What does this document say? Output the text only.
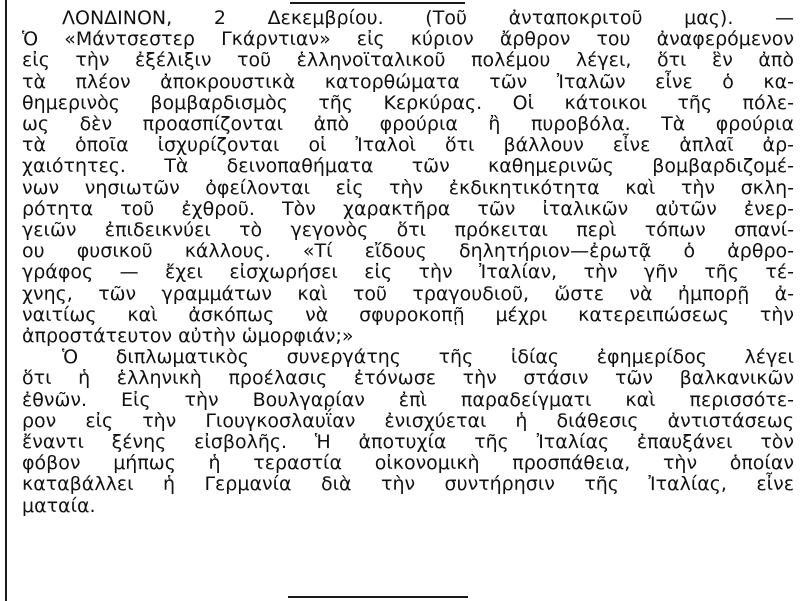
ΛΟΝΔΙΝΟΝ, 2 Δεκεμβρίου. (Τοῦ ἀνταποκριτοῦ μας). —
Ὁ «Μάντσεστερ Γκάρντιαν» εἰς κύριον ἄρθρον του ἀναφερόμενον
εἰς τὴν ἐξέλιξιν τοῦ ἑλληνοϊταλικοῦ πολέμου λέγει, ὅτι ἓν ἀπὸ
τὰ πλέον ἀποκρουστικὰ κατορθώματα τῶν Ἰταλῶν εἶνε ὁ κα-
θημερινὸς βομβαρδισμὸς τῆς Κερκύρας. Οἱ κάτοικοι τῆς πόλε-
ως δὲν προασπίζονται ἀπὸ φρούρια ἢ πυροβόλα. Τὰ φρούρια
τὰ ὁποῖα ἰσχυρίζονται οἱ Ἰταλοὶ ὅτι βάλλουν εἶνε ἁπλαῖ ἀρ-
χαιότητες. Τὰ δεινοπαθήματα τῶν καθημερινῶς βομβαρδιζομέ-
νων νησιωτῶν ὀφείλονται εἰς τὴν ἐκδικητικότητα καὶ τὴν σκλη-
ρότητα τοῦ ἐχθροῦ. Τὸν χαρακτῆρα τῶν ἰταλικῶν αὐτῶν ἐνερ-
γειῶν ἐπιδεικνύει τὸ γεγονὸς ὅτι πρόκειται περὶ τόπων σπανί-
ου φυσικοῦ κάλλους. «Τί εἴδους δηλητήριον—ἐρωτᾷ ὁ ἀρθρο-
γράφος — ἔχει εἰσχωρήσει εἰς τὴν Ἰταλίαν, τὴν γῆν τῆς τέ-
χνης, τῶν γραμμάτων καὶ τοῦ τραγουδιοῦ, ὥστε νὰ ἠμπορῇ ἀ-
ναιτίως καὶ ἀσκόπως νὰ σφυροκοπῇ μέχρι κατερειπώσεως τὴν
ἀπροστάτευτον αὐτὴν ὡμορφιάν;»
Ὁ διπλωματικὸς συνεργάτης τῆς ἰδίας ἐφημερίδος λέγει
ὅτι ἡ ἑλληνικὴ προέλασις ἐτόνωσε τὴν στάσιν τῶν βαλκανικῶν
ἐθνῶν. Εἰς τὴν Βουλγαρίαν ἐπὶ παραδείγματι καὶ περισσότε-
ρον εἰς τὴν Γιουγκοσλαυΐαν ἐνισχύεται ἡ διάθεσις ἀντιστάσεως
ἔναντι ξένης εἰσβολῆς. Ἡ ἀποτυχία τῆς Ἰταλίας ἐπαυξάνει τὸν
φόβον μήπως ἡ τεραστία οἰκονομικὴ προσπάθεια, τὴν ὁποίαν
καταβάλλει ἡ Γερμανία διὰ τὴν συντήρησιν τῆς Ἰταλίας, εἶνε
ματαία.
